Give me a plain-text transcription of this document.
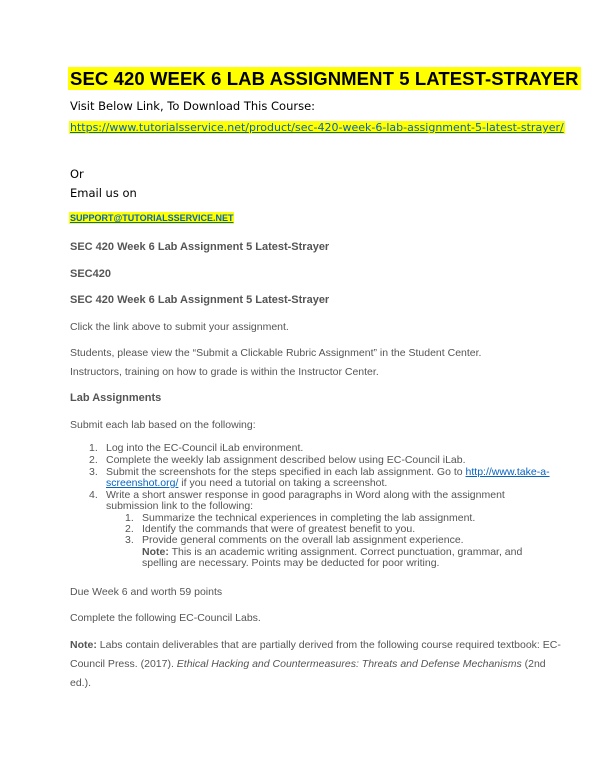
SEC 420 WEEK 6 LAB ASSIGNMENT 5 LATEST-STRAYER
Visit Below Link, To Download This Course:
https://www.tutorialsservice.net/product/sec-420-week-6-lab-assignment-5-latest-strayer/
Or
Email us on
SUPPORT@TUTORIALSSERVICE.NET
SEC 420 Week 6 Lab Assignment 5 Latest-Strayer
SEC420
SEC 420 Week 6 Lab Assignment 5 Latest-Strayer
Click the link above to submit your assignment.
Students, please view the “Submit a Clickable Rubric Assignment” in the Student Center.
Instructors, training on how to grade is within the Instructor Center.
Lab Assignments
Submit each lab based on the following:
1. Log into the EC-Council iLab environment.
2. Complete the weekly lab assignment described below using EC-Council iLab.
3. Submit the screenshots for the steps specified in each lab assignment. Go to http://www.take-a-
screenshot.org/ if you need a tutorial on taking a screenshot.
4. Write a short answer response in good paragraphs in Word along with the assignment
submission link to the following:
1. Summarize the technical experiences in completing the lab assignment.
2. Identify the commands that were of greatest benefit to you.
3. Provide general comments on the overall lab assignment experience.
Note: This is an academic writing assignment. Correct punctuation, grammar, and
spelling are necessary. Points may be deducted for poor writing.
Due Week 6 and worth 59 points
Complete the following EC-Council Labs.
Note: Labs contain deliverables that are partially derived from the following course required textbook: EC-
Council Press. (2017). Ethical Hacking and Countermeasures: Threats and Defense Mechanisms (2nd
ed.).
